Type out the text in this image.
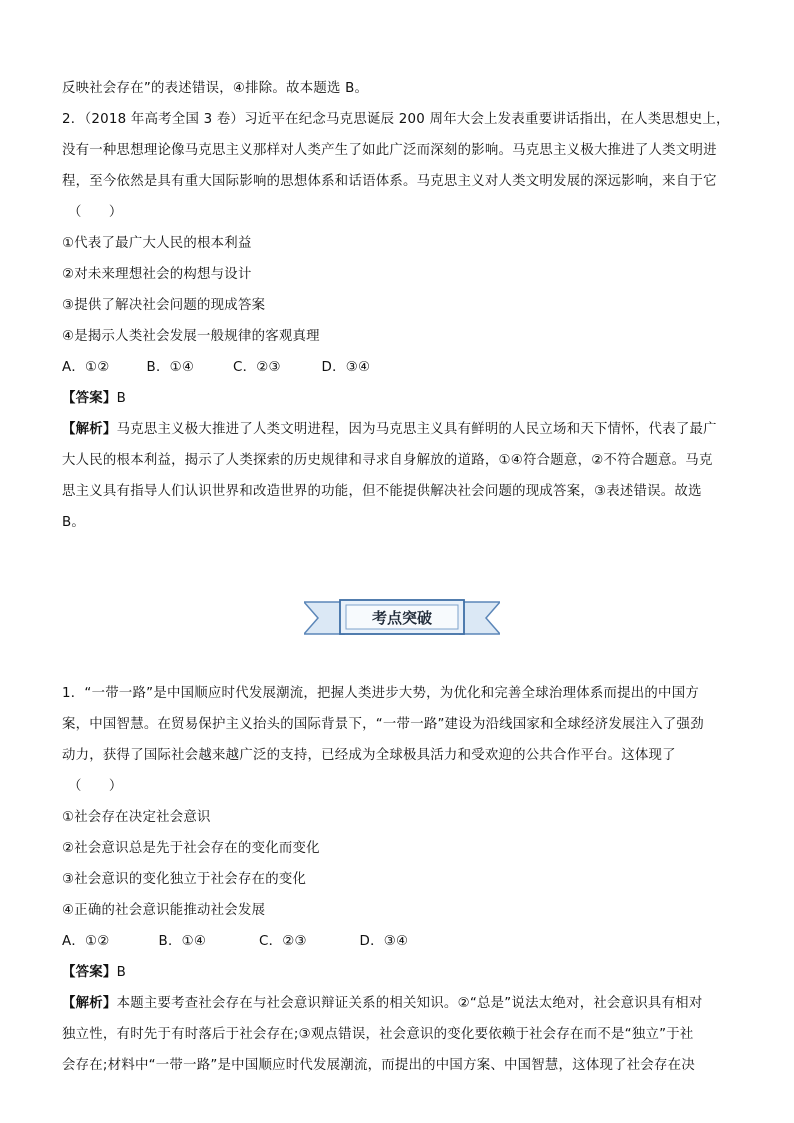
反映社会存在”的表述错误，④排除。故本题选 B。
2．（2018 年高考全国 3 卷）习近平在纪念马克思诞辰 200 周年大会上发表重要讲话指出，在人类思想史上，
没有一种思想理论像马克思主义那样对人类产生了如此广泛而深刻的影响。马克思主义极大推进了人类文明进
程，至今依然是具有重大国际影响的思想体系和话语体系。马克思主义对人类文明发展的深远影响，来自于它
（　　）
①代表了最广大人民的根本利益
②对未来理想社会的构想与设计
③提供了解决社会问题的现成答案
④是揭示人类社会发展一般规律的客观真理
A．①②	B．①④	C．②③	D．③④
【答案】B
【解析】马克思主义极大推进了人类文明进程，因为马克思主义具有鲜明的人民立场和天下情怀，代表了最广
大人民的根本利益，揭示了人类探索的历史规律和寻求自身解放的道路，①④符合题意，②不符合题意。马克
思主义具有指导人们认识世界和改造世界的功能，但不能提供解决社会问题的现成答案，③表述错误。故选
B。
考点突破
1．“一带一路”是中国顺应时代发展潮流，把握人类进步大势，为优化和完善全球治理体系而提出的中国方
案，中国智慧。在贸易保护主义抬头的国际背景下，“一带一路”建设为沿线国家和全球经济发展注入了强劲
动力，获得了国际社会越来越广泛的支持，已经成为全球极具活力和受欢迎的公共合作平台。这体现了
（　　）
①社会存在决定社会意识
②社会意识总是先于社会存在的变化而变化
③社会意识的变化独立于社会存在的变化
④正确的社会意识能推动社会发展
A．①②	B．①④	C．②③	D．③④
【答案】B
【解析】本题主要考查社会存在与社会意识辩证关系的相关知识。②“总是”说法太绝对，社会意识具有相对
独立性，有时先于有时落后于社会存在;③观点错误，社会意识的变化要依赖于社会存在而不是“独立”于社
会存在;材料中“一带一路”是中国顺应时代发展潮流，而提出的中国方案、中国智慧，这体现了社会存在决
